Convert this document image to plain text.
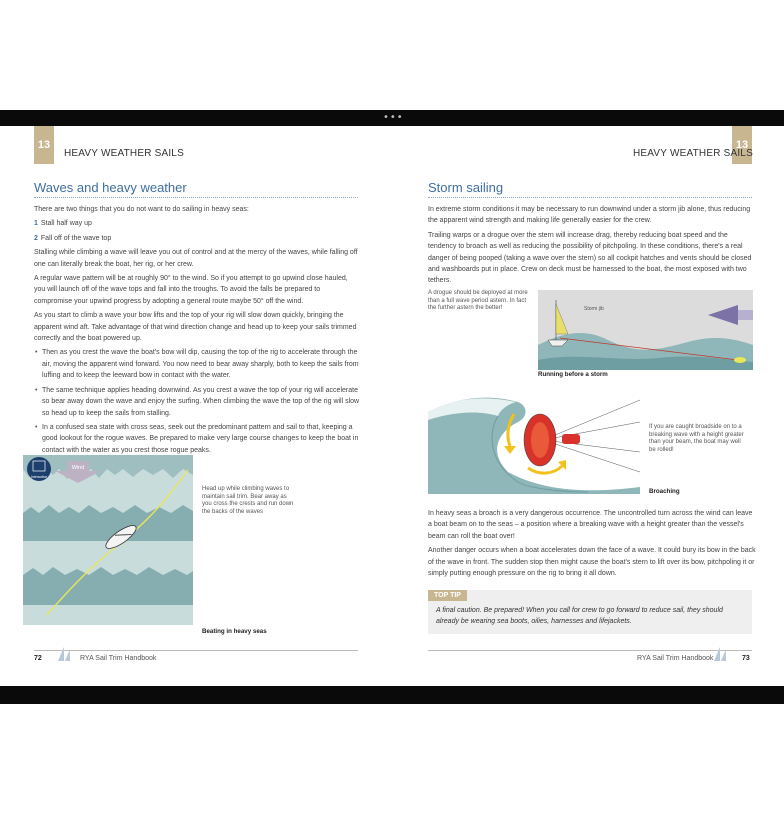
•••
13
HEAVY WEATHER SAILS
Waves and heavy weather

There are two things that you do not want to do sailing in heavy seas:

1 Stall half way up

2 Fall off of the wave top

Stalling while climbing a wave will leave you out of control and at the mercy of the waves, while falling off one can literally break the boat, her rig, or her crew.

A regular wave pattern will be at roughly 90° to the wind. So if you attempt to go upwind close hauled, you will launch off of the wave tops and fall into the troughs. To avoid the falls be prepared to compromise your upwind progress by adopting a general route maybe 50° off the wind.

As you start to climb a wave your bow lifts and the top of your rig will slow down quickly, bringing the apparent wind aft. Take advantage of that wind direction change and head up to keep your sails trimmed correctly and the boat powered up.

• Then as you crest the wave the boat's bow will dip, causing the top of the rig to accelerate through the air, moving the apparent wind forward. You now need to bear away sharply, both to keep the sails from luffing and to keep the leeward bow in contact with the water.
• The same technique applies heading downwind. As you crest a wave the top of your rig will accelerate so bear away down the wave and enjoy the surfing. When climbing the wave the top of the rig will slow so head up to keep the sails from stalling.
• In a confused sea state with cross seas, seek out the predominant pattern and sail to that, keeping a good lookout for the rogue waves. Be prepared to make very large course changes to keep the boat in contact with the water as you crest those rogue peaks.
Wind
Interactive
Head up while climbing waves to maintain sail trim. Bear away as you cross the crests and run down the backs of the waves
Beating in heavy seas
72	RYA Sail Trim Handbook
13
HEAVY WEATHER SAILS
Storm sailing

In extreme storm conditions it may be necessary to run downwind under a storm jib alone, thus reducing the apparent wind strength and making life generally easier for the crew.

Trailing warps or a drogue over the stern will increase drag, thereby reducing boat speed and the tendency to broach as well as reducing the possibility of pitchpoling. In these conditions, there's a real danger of being pooped (taking a wave over the stern) so all cockpit hatches and vents should be closed and washboards put in place. Crew on deck must be harnessed to the boat, the most exposed with two tethers.

A drogue should be deployed at more than a full wave period astern. In fact the further astern the better!	Storm jib
Running before a storm
If you are caught broadside on to a breaking wave with a height greater than your beam, the boat may well be rolled!
Broaching

In heavy seas a broach is a very dangerous occurrence. The uncontrolled turn across the wind can leave a boat beam on to the seas – a position where a breaking wave with a height greater than the vessel's beam can roll the boat over!

Another danger occurs when a boat accelerates down the face of a wave. It could bury its bow in the back of the wave in front. The sudden stop then might cause the boat's stern to lift over its bow, pitchpoling it or simply putting enough pressure on the rig to bring it all down.

TOP TIP
A final caution. Be prepared! When you call for crew to go forward to reduce sail, they should already be wearing sea boots, oilies, harnesses and lifejackets.
RYA Sail Trim Handbook	73
